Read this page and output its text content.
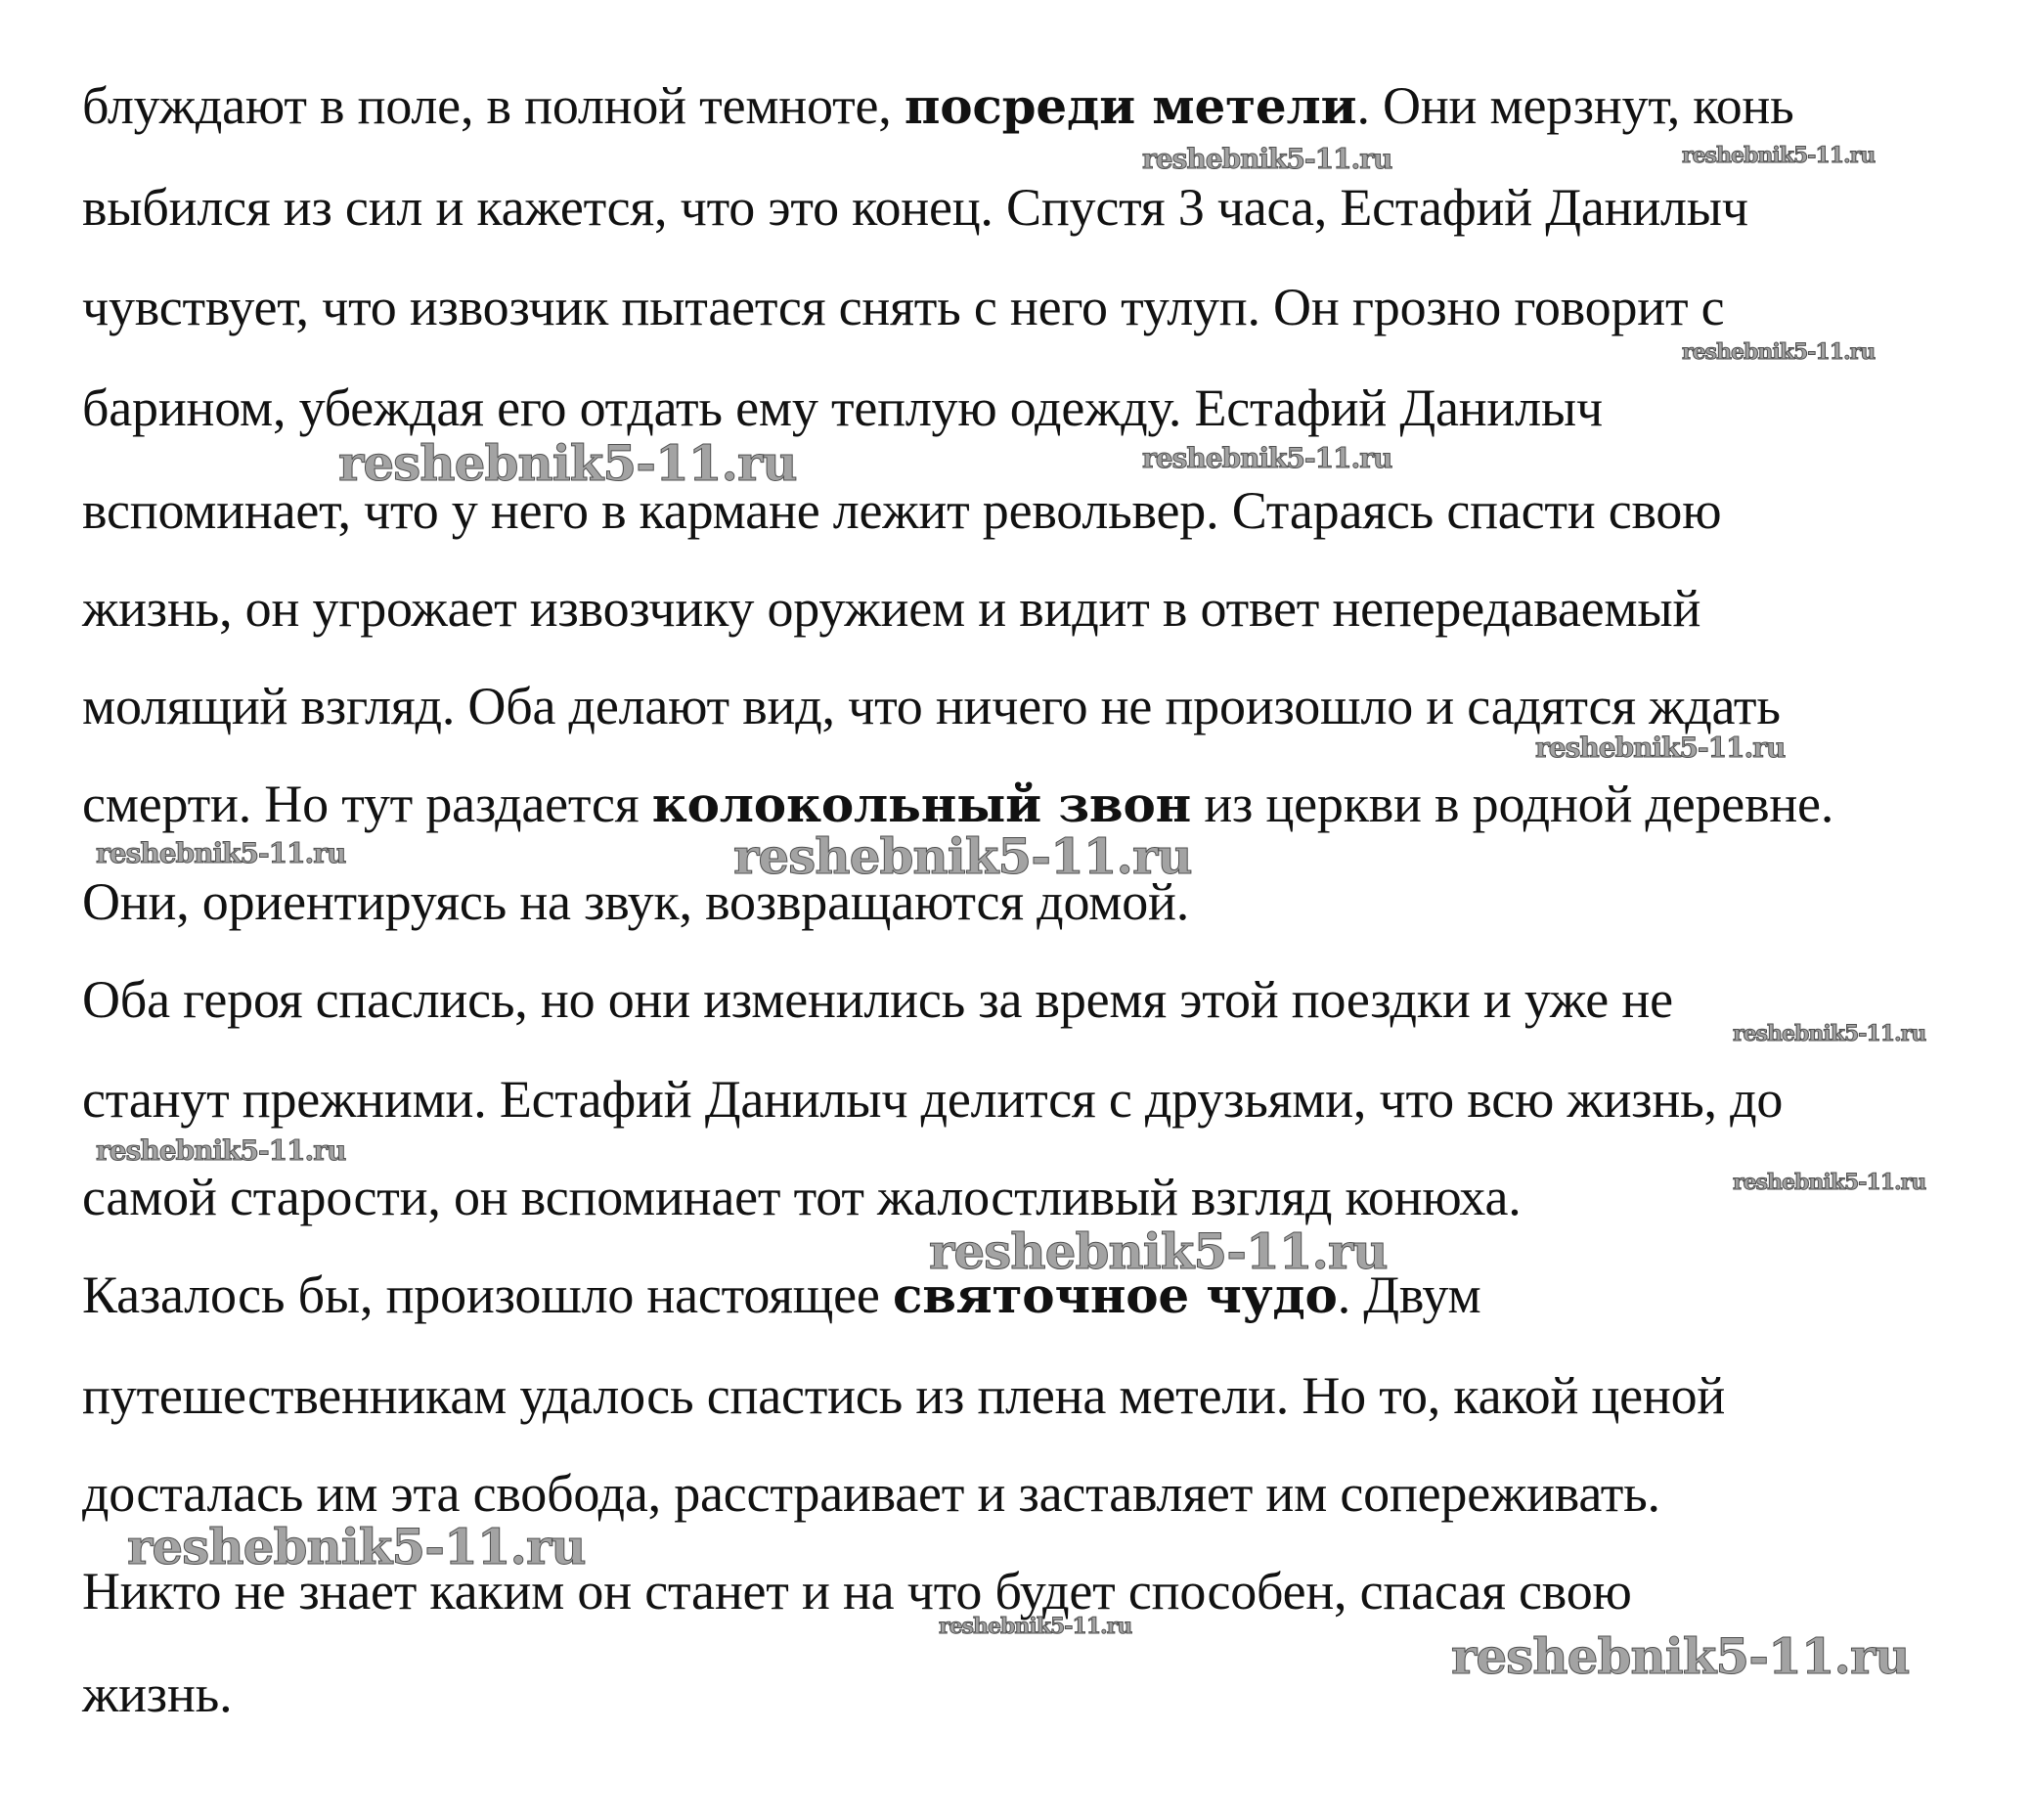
блуждают в поле, в полной темноте, посреди метели. Они мерзнут, конь
выбился из сил и кажется, что это конец. Спустя 3 часа, Естафий Данилыч
чувствует, что извозчик пытается снять с него тулуп. Он грозно говорит с
барином, убеждая его отдать ему теплую одежду. Естафий Данилыч
вспоминает, что у него в кармане лежит револьвер. Стараясь спасти свою
жизнь, он угрожает извозчику оружием и видит в ответ непередаваемый
молящий взгляд. Оба делают вид, что ничего не произошло и садятся ждать
смерти. Но тут раздается колокольный звон из церкви в родной деревне.
Они, ориентируясь на звук, возвращаются домой.
Оба героя спаслись, но они изменились за время этой поездки и уже не
станут прежними. Естафий Данилыч делится с друзьями, что всю жизнь, до
самой старости, он вспоминает тот жалостливый взгляд конюха.
Казалось бы, произошло настоящее святочное чудо. Двум
путешественникам удалось спастись из плена метели. Но то, какой ценой
досталась им эта свобода, расстраивает и заставляет им сопереживать.
Никто не знает каким он станет и на что будет способен, спасая свою
жизнь.
reshebnik5-11.ru	reshebnik5-11.ru
reshebnik5-11.ru
reshebnik5-11.ru	reshebnik5-11.ru
reshebnik5-11.ru
reshebnik5-11.ru	reshebnik5-11.ru
reshebnik5-11.ru
reshebnik5-11.ru
reshebnik5-11.ru
reshebnik5-11.ru
reshebnik5-11.ru
reshebnik5-11.ru
reshebnik5-11.ru
